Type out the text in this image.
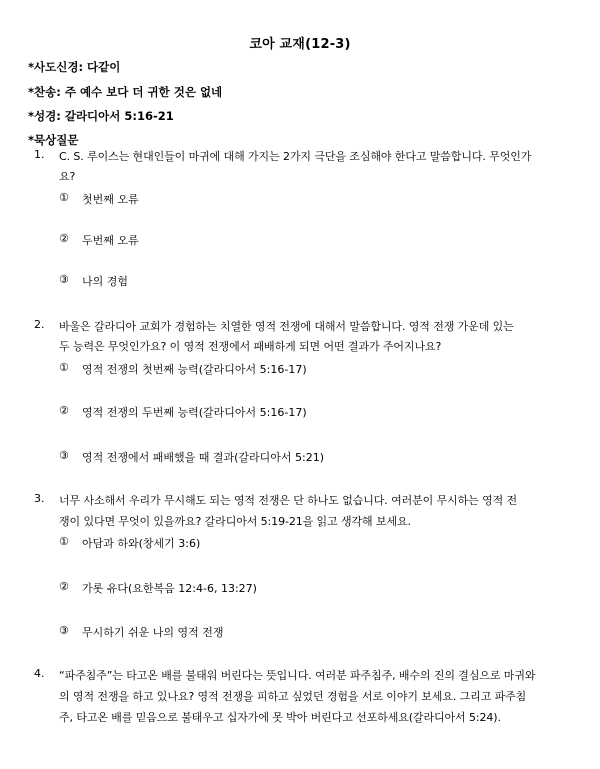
코아 교재(12-3)
*사도신경: 다같이
*찬송: 주 예수 보다 더 귀한 것은 없네
*성경: 갈라디아서 5:16-21
*묵상질문
1. C. S. 루이스는 현대인들이 마귀에 대해 가지는 2가지 극단을 조심해야 한다고 말씀합니다. 무엇인가
요?
① 첫번째 오류
② 두번째 오류
③ 나의 경험
2. 바울은 갈라디아 교회가 경험하는 치열한 영적 전쟁에 대해서 말씀합니다. 영적 전쟁 가운데 있는
두 능력은 무엇인가요? 이 영적 전쟁에서 패배하게 되면 어떤 결과가 주어지나요?
① 영적 전쟁의 첫번째 능력(갈라디아서 5:16-17)
② 영적 전쟁의 두번째 능력(갈라디아서 5:16-17)
③ 영적 전쟁에서 패배했을 때 결과(갈라디아서 5:21)
3. 너무 사소해서 우리가 무시해도 되는 영적 전쟁은 단 하나도 없습니다. 여러분이 무시하는 영적 전
쟁이 있다면 무엇이 있을까요? 갈라디아서 5:19-21을 읽고 생각해 보세요.
① 아담과 하와(창세기 3:6)
② 가롯 유다(요한복음 12:4-6, 13:27)
③ 무시하기 쉬운 나의 영적 전쟁
4. “파주침주”는 타고온 배를 불태워 버린다는 뜻입니다. 여러분 파주침주, 배수의 진의 결심으로 마귀와
의 영적 전쟁을 하고 있나요? 영적 전쟁을 피하고 싶었던 경험을 서로 이야기 보세요. 그리고 파주침
주, 타고온 배를 믿음으로 불태우고 십자가에 못 박아 버린다고 선포하세요(갈라디아서 5:24).
